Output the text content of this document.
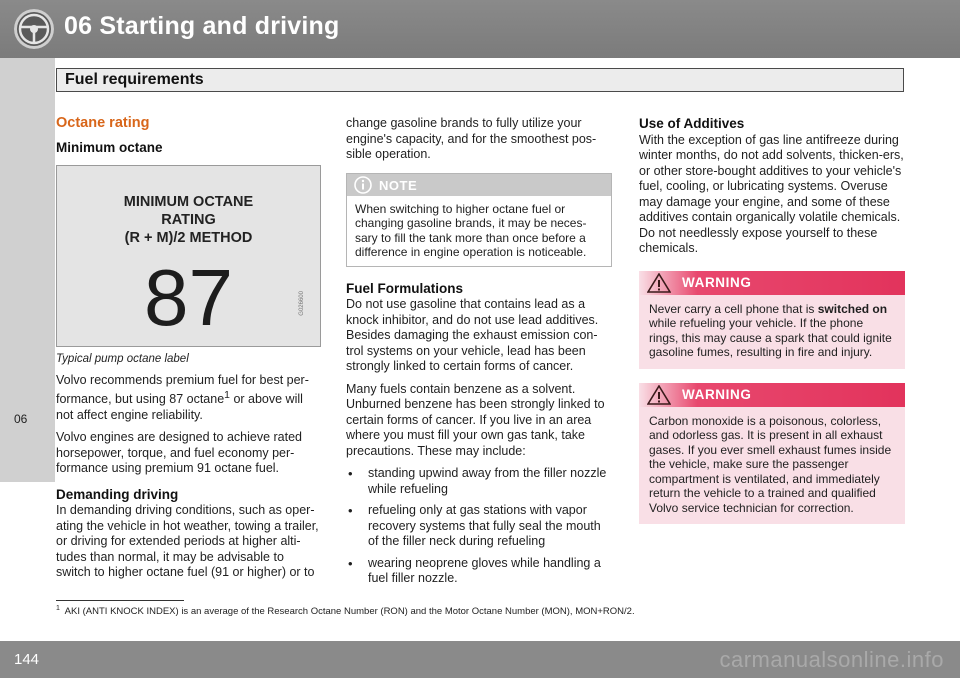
06 Starting and driving
Fuel requirements
06
Octane rating
Minimum octane
MINIMUM OCTANE
RATING
(R + M)/2 METHOD
87	G026600
Typical pump octane label

Volvo recommends premium fuel for best per-formance, but using 87 octane$^1$ or above will not affect engine reliability.

Volvo engines are designed to achieve rated horsepower, torque, and fuel economy per-formance using premium 91 octane fuel.

Demanding driving

In demanding driving conditions, such as oper-ating the vehicle in hot weather, towing a trailer, or driving for extended periods at higher alti-tudes than normal, it may be advisable to switch to higher octane fuel (91 or higher) or to

change gasoline brands to fully utilize your engine's capacity, and for the smoothest pos-sible operation.

NOTE
When switching to higher octane fuel or changing gasoline brands, it may be neces-sary to fill the tank more than once before a difference in engine operation is noticeable.
Fuel Formulations

Do not use gasoline that contains lead as a knock inhibitor, and do not use lead additives. Besides damaging the exhaust emission con-trol systems on your vehicle, lead has been strongly linked to certain forms of cancer.

Many fuels contain benzene as a solvent. Unburned benzene has been strongly linked to certain forms of cancer. If you live in an area where you must fill your own gas tank, take precautions. These may include:

• standing upwind away from the filler nozzle while refueling
• refueling only at gas stations with vapor recovery systems that fully seal the mouth of the filler neck during refueling
• wearing neoprene gloves while handling a fuel filler nozzle.
Use of Additives

With the exception of gas line antifreeze during winter months, do not add solvents, thicken-ers, or other store-bought additives to your vehicle's fuel, cooling, or lubricating systems. Overuse may damage your engine, and some of these additives contain organically volatile chemicals. Do not needlessly expose yourself to these chemicals.

WARNING
Never carry a cell phone that is switched on while refueling your vehicle. If the phone rings, this may cause a spark that could ignite gasoline fumes, resulting in fire and injury.
WARNING
Carbon monoxide is a poisonous, colorless, and odorless gas. It is present in all exhaust gases. If you ever smell exhaust fumes inside the vehicle, make sure the passenger compartment is ventilated, and immediately return the vehicle to a trained and qualified Volvo service technician for correction.
$^1$ AKI (ANTI KNOCK INDEX) is an average of the Research Octane Number (RON) and the Motor Octane Number (MON), MON+RON/2.
144	carmanualsonline.info
